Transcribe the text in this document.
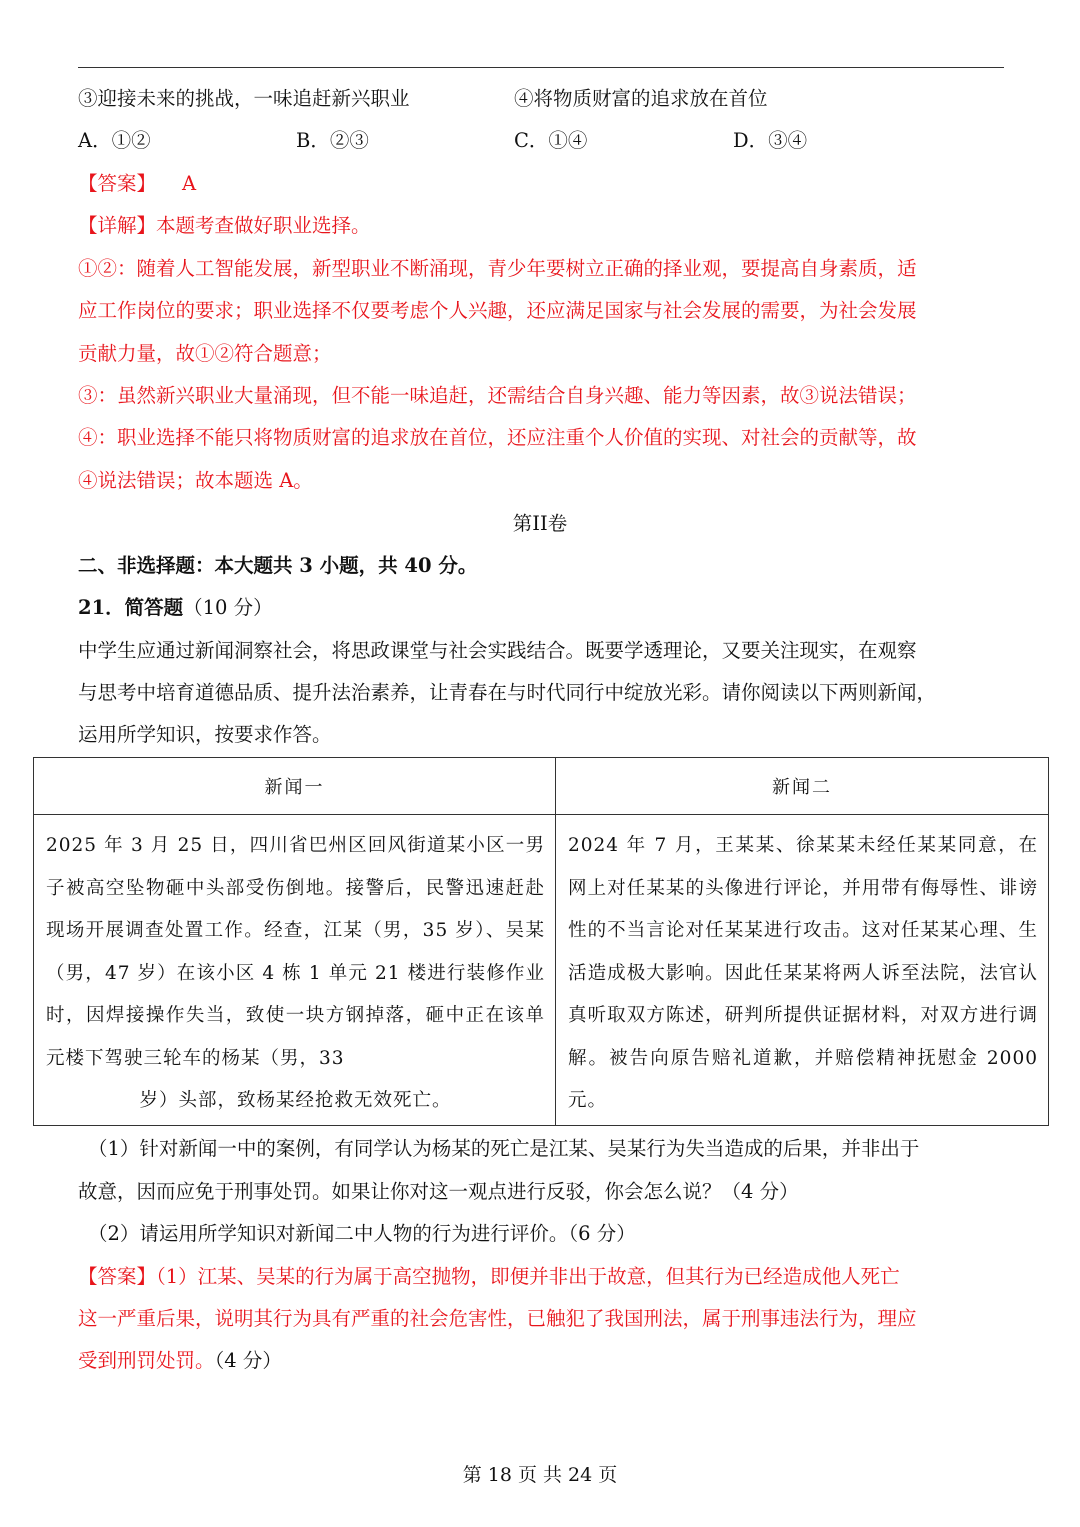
③迎接未来的挑战，一味追赶新兴职业	④将物质财富的追求放在首位
A．①②	B．②③	C．①④	D．③④
【答案】 A
【详解】本题考查做好职业选择。
①②：随着人工智能发展，新型职业不断涌现，青少年要树立正确的择业观，要提高自身素质，适
应工作岗位的要求；职业选择不仅要考虑个人兴趣，还应满足国家与社会发展的需要，为社会发展
贡献力量，故①②符合题意；
③：虽然新兴职业大量涌现，但不能一味追赶，还需结合自身兴趣、能力等因素，故③说法错误；
④：职业选择不能只将物质财富的追求放在首位，还应注重个人价值的实现、对社会的贡献等，故
④说法错误；故本题选 A。
第II卷
二、非选择题：本大题共 3 小题，共 40 分。
21．简答题（10 分）
中学生应通过新闻洞察社会，将思政课堂与社会实践结合。既要学透理论，又要关注现实，在观察
与思考中培育道德品质、提升法治素养，让青春在与时代同行中绽放光彩。请你阅读以下两则新闻，
运用所学知识，按要求作答。
新闻一	新闻二

2025 年 3 月 25 日，四川省巴州区回风街道某小区一男子被高空坠物砸中头部受伤倒地。接警后，民警迅速赶赴现场开展调查处置工作。经查，江某（男，35 岁）、吴某（男，47 岁）在该小区 4 栋 1 单元 21 楼进行装修作业时，因焊接操作失当，致使一块方钢掉落，砸中正在该单元楼下驾驶三轮车的杨某（男，33
岁）头部，致杨某经抢救无效死亡。	2024 年 7 月，王某某、徐某某未经任某某同意，在网上对任某某的头像进行评论，并用带有侮辱性、诽谤性的不当言论对任某某进行攻击。这对任某某心理、生活造成极大影响。因此任某某将两人诉至法院，法官认真听取双方陈述，研判所提供证据材料，对双方进行调解。被告向原告赔礼道歉，并赔偿精神抚慰金 2000 元。
（1）针对新闻一中的案例，有同学认为杨某的死亡是江某、吴某行为失当造成的后果，并非出于
故意，因而应免于刑事处罚。如果让你对这一观点进行反驳，你会怎么说？（4 分）
（2）请运用所学知识对新闻二中人物的行为进行评价。（6 分）
【答案】（1）江某、吴某的行为属于高空抛物，即便并非出于故意，但其行为已经造成他人死亡
这一严重后果，说明其行为具有严重的社会危害性，已触犯了我国刑法，属于刑事违法行为，理应
受到刑罚处罚。（4 分）
第 18 页 共 24 页
